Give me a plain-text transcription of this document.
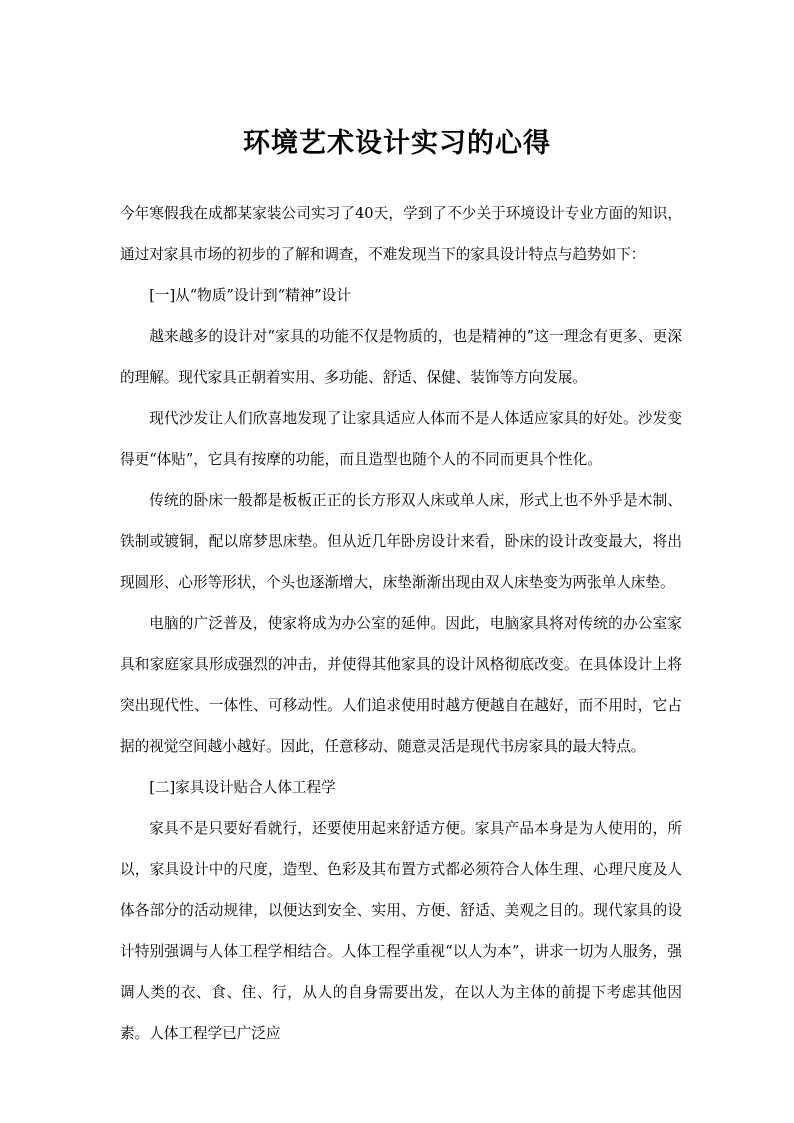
环境艺术设计实习的心得

今年寒假我在成都某家装公司实习了40天，学到了不少关于环境设计专业方面的知识，通过对家具市场的初步的了解和调查，不难发现当下的家具设计特点与趋势如下：

[一]从“物质”设计到“精神”设计

越来越多的设计对“家具的功能不仅是物质的，也是精神的”这一理念有更多、更深的理解。现代家具正朝着实用、多功能、舒适、保健、装饰等方向发展。

现代沙发让人们欣喜地发现了让家具适应人体而不是人体适应家具的好处。沙发变得更“体贴”，它具有按摩的功能，而且造型也随个人的不同而更具个性化。

传统的卧床一般都是板板正正的长方形双人床或单人床，形式上也不外乎是木制、铁制或镀铜，配以席梦思床垫。但从近几年卧房设计来看，卧床的设计改变最大，将出现圆形、心形等形状，个头也逐渐增大，床垫渐渐出现由双人床垫变为两张单人床垫。

电脑的广泛普及，使家将成为办公室的延伸。因此，电脑家具将对传统的办公室家具和家庭家具形成强烈的冲击，并使得其他家具的设计风格彻底改变。在具体设计上将突出现代性、一体性、可移动性。人们追求使用时越方便越自在越好，而不用时，它占据的视觉空间越小越好。因此，任意移动、随意灵活是现代书房家具的最大特点。

[二]家具设计贴合人体工程学

家具不是只要好看就行，还要使用起来舒适方便。家具产品本身是为人使用的，所以，家具设计中的尺度，造型、色彩及其布置方式都必须符合人体生理、心理尺度及人体各部分的活动规律，以便达到安全、实用、方便、舒适、美观之目的。现代家具的设计特别强调与人体工程学相结合。人体工程学重视“以人为本”，讲求一切为人服务，强调人类的衣、食、住、行，从人的自身需要出发，在以人为主体的前提下考虑其他因素。人体工程学已广泛应
